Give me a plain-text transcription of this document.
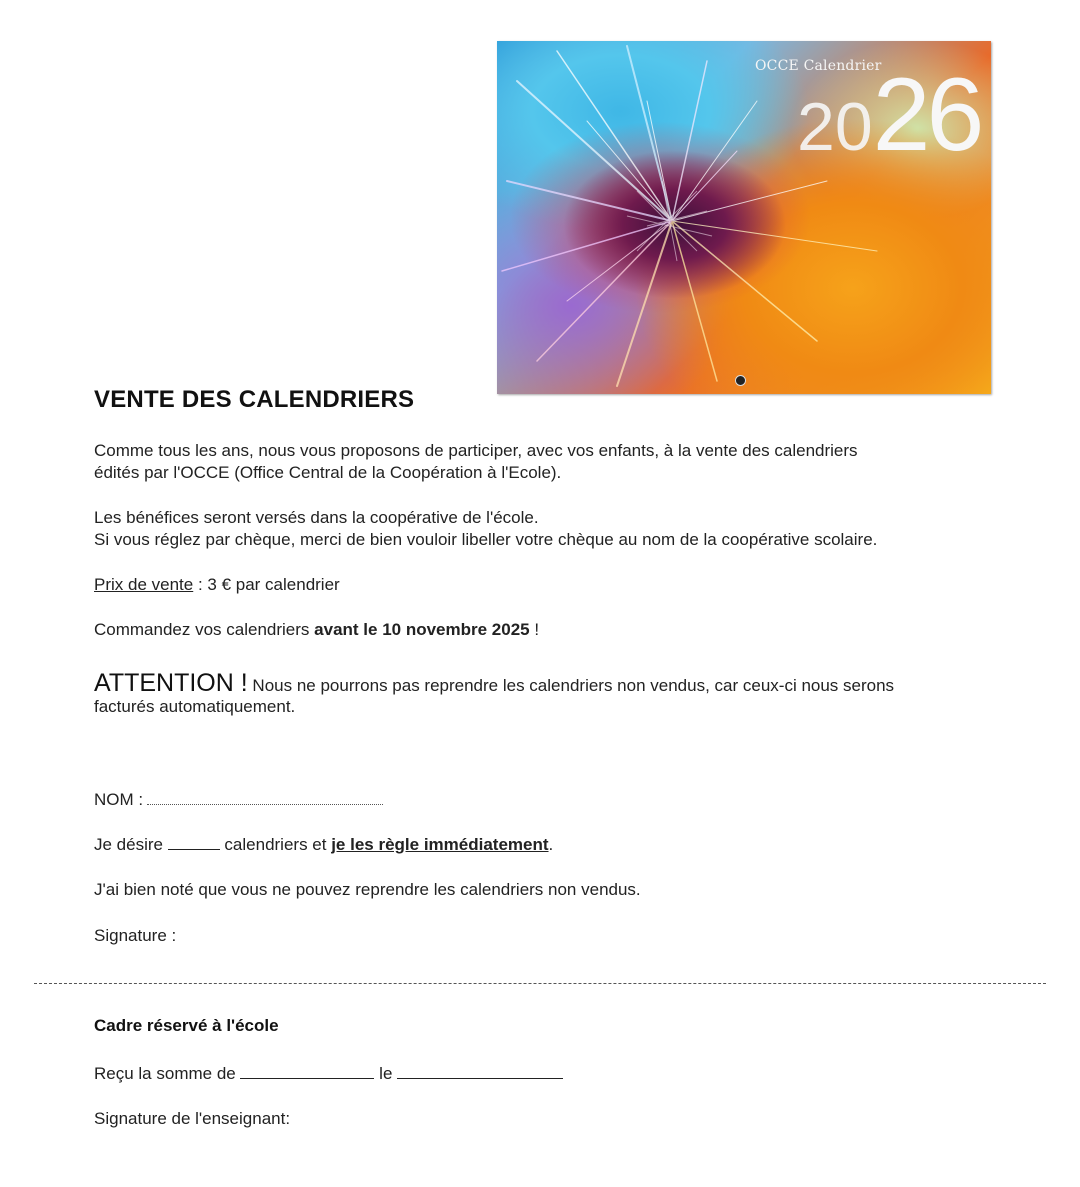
OCCE Calendrier
2026
VENTE DES CALENDRIERS
Comme tous les ans, nous vous proposons de participer, avec vos enfants, à la vente des calendriers
édités par l'OCCE (Office Central de la Coopération à l'Ecole).
Les bénéfices seront versés dans la coopérative de l'école.
Si vous réglez par chèque, merci de bien vouloir libeller votre chèque au nom de la coopérative scolaire.
Prix de vente : 3 € par calendrier
Commandez vos calendriers avant le 10 novembre 2025 !
ATTENTION ! Nous ne pourrons pas reprendre les calendriers non vendus, car ceux-ci nous serons
facturés automatiquement.
NOM :
Je désire	calendriers et je les règle immédiatement.
J'ai bien noté que vous ne pouvez reprendre les calendriers non vendus.
Signature :
Cadre réservé à l'école
Reçu la somme de	le
Signature de l'enseignant:
